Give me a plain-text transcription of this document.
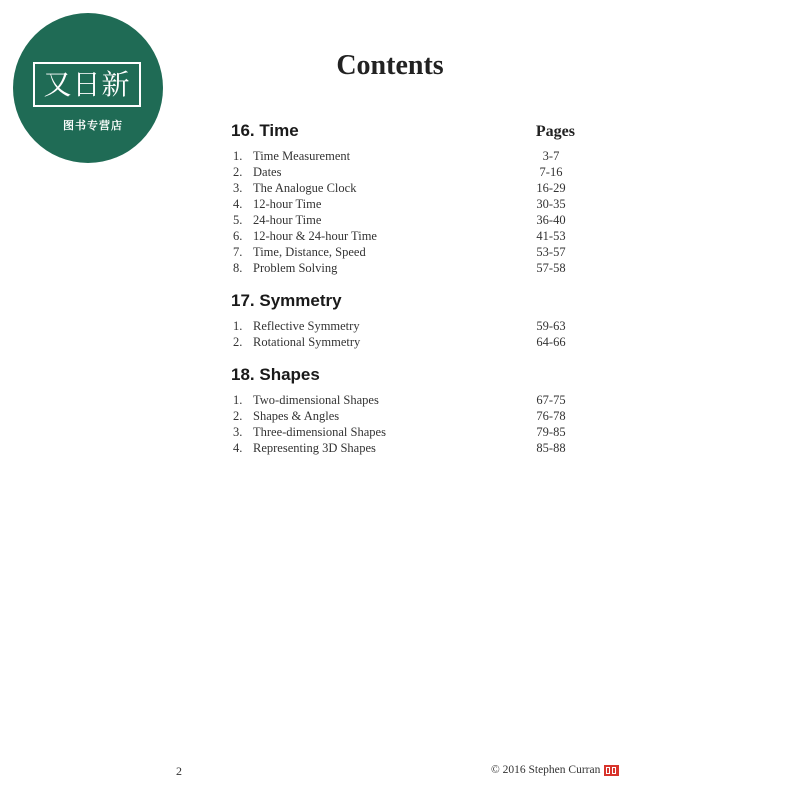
又日新
图书专营店
Contents
16. Time	Pages
1. Time Measurement	3-7
2. Dates	7-16
3. The Analogue Clock	16-29
4. 12-hour Time	30-35
5. 24-hour Time	36-40
6. 12-hour & 24-hour Time	41-53
7. Time, Distance, Speed	53-57
8. Problem Solving	57-58
17. Symmetry
1. Reflective Symmetry	59-63
2. Rotational Symmetry	64-66
18. Shapes
1. Two-dimensional Shapes	67-75
2. Shapes & Angles	76-78
3. Three-dimensional Shapes	79-85
4. Representing 3D Shapes	85-88
2	© 2016 Stephen Curran
